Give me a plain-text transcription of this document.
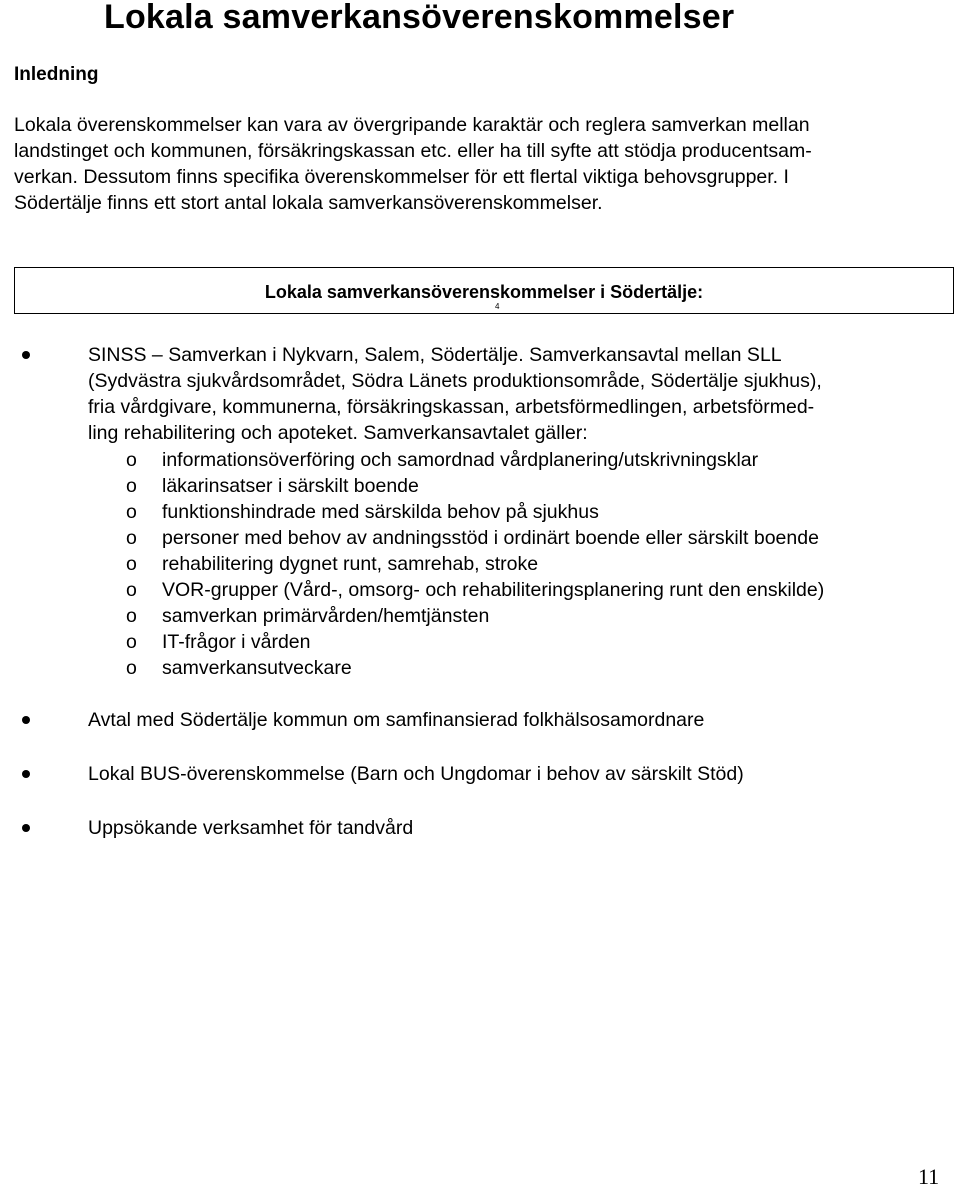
Lokala samverkansöverenskommelser
Inledning
Lokala överenskommelser kan vara av övergripande karaktär och reglera samverkan mellan
landstinget och kommunen, försäkringskassan etc. eller ha till syfte att stödja producentsam-
verkan. Dessutom finns specifika överenskommelser för ett flertal viktiga behovsgrupper. I
Södertälje finns ett stort antal lokala samverkansöverenskommelser.
Lokala samverkansöverenskommelser i Södertälje:
4
SINSS – Samverkan i Nykvarn, Salem, Södertälje. Samverkansavtal mellan SLL
(Sydvästra sjukvårdsområdet, Södra Länets produktionsområde, Södertälje sjukhus),
fria vårdgivare, kommunerna, försäkringskassan, arbetsförmedlingen, arbetsförmed-
ling rehabilitering och apoteket. Samverkansavtalet gäller:
o informationsöverföring och samordnad vårdplanering/utskrivningsklar
o läkarinsatser i särskilt boende
o funktionshindrade med särskilda behov på sjukhus
o personer med behov av andningsstöd i ordinärt boende eller särskilt boende
o rehabilitering dygnet runt, samrehab, stroke
o VOR-grupper (Vård-, omsorg- och rehabiliteringsplanering runt den enskilde)
o samverkan primärvården/hemtjänsten
o IT-frågor i vården
o samverkansutveckare
Avtal med Södertälje kommun om samfinansierad folkhälsosamordnare
Lokal BUS-överenskommelse (Barn och Ungdomar i behov av särskilt Stöd)
Uppsökande verksamhet för tandvård
11
